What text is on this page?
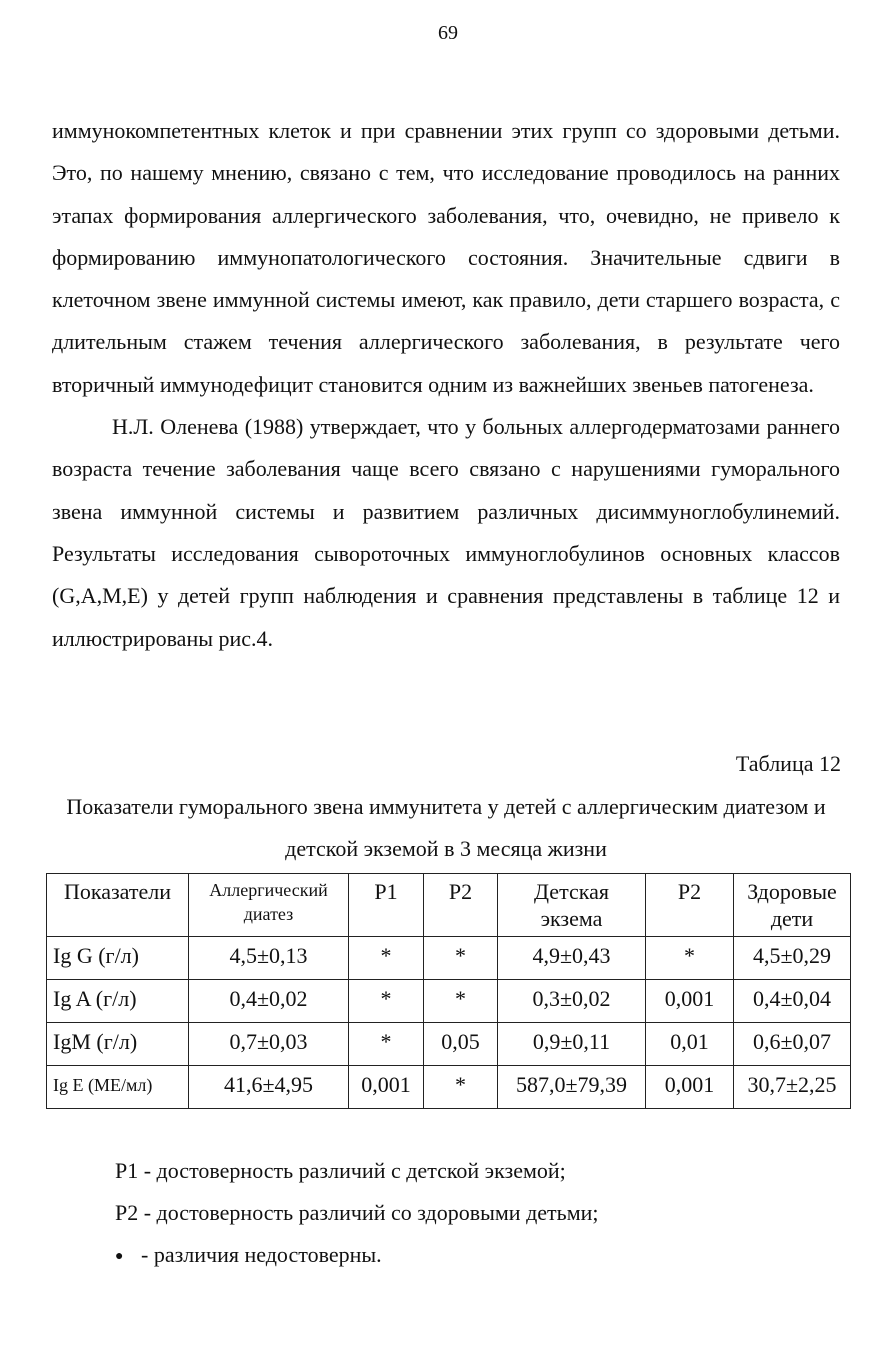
69

иммунокомпетентных клеток и при сравнении этих групп со здоровыми детьми. Это, по нашему мнению, связано с тем, что исследование проводилось на ранних этапах формирования аллергического заболевания, что, очевидно, не привело к формированию иммунопатологического состояния. Значительные сдвиги в клеточном звене иммунной системы имеют, как правило, дети старшего возраста, с длительным стажем течения аллергического заболевания, в результате чего вторичный иммунодефицит становится одним из важнейших звеньев патогенеза.

Н.Л. Оленева (1988) утверждает, что у больных аллергодерматозами раннего возраста течение заболевания чаще всего связано с нарушениями гуморального звена иммунной системы и развитием различных дисиммуноглобулинемий. Результаты исследования сывороточных иммуноглобулинов основных классов (G,A,M,E) у детей групп наблюдения и сравнения представлены в таблице 12 и иллюстрированы рис.4.

Таблица 12
Показатели гуморального звена иммунитета у детей с аллергическим диатезом и детской экземой в 3 месяца жизни
Показатели	Аллергический диатез	Р1	Р2	Детская экзема	Р2	Здоровые дети
Ig G (г/л)	4,5±0,13	*	*	4,9±0,43	*	4,5±0,29
Ig A (г/л)	0,4±0,02	*	*	0,3±0,02	0,001	0,4±0,04
IgM (г/л)	0,7±0,03	*	0,05	0,9±0,11	0,01	0,6±0,07
Ig E (МЕ/мл)	41,6±4,95	0,001	*	587,0±79,39	0,001	30,7±2,25
Р1 - достоверность различий с детской экземой;
Р2 - достоверность различий со здоровыми детьми;
● - различия недостоверны.
